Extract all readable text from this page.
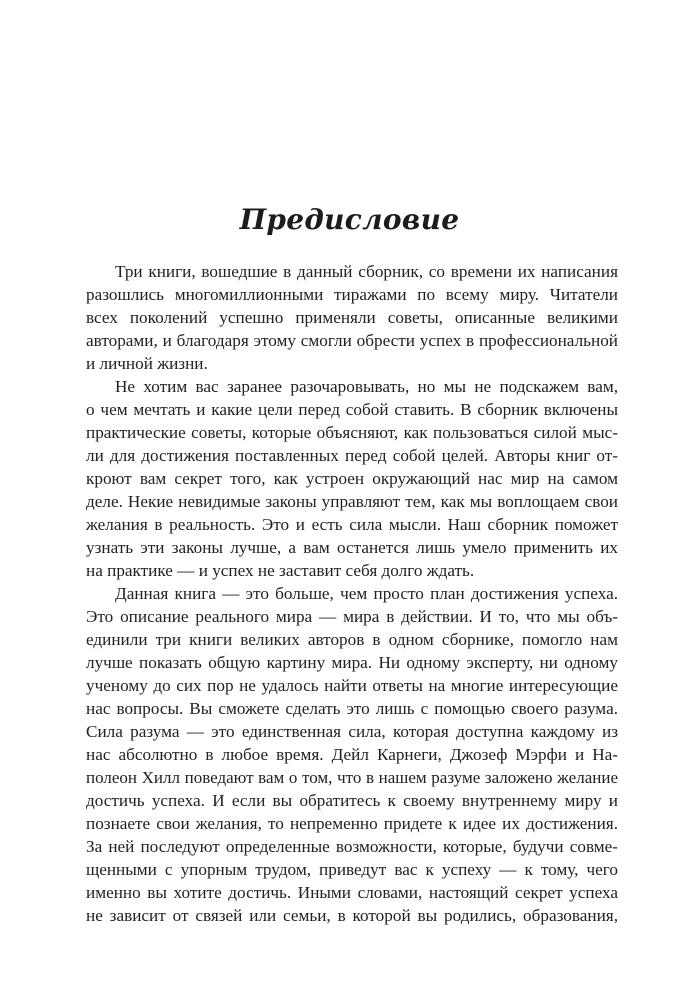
Предисловие
Три книги, вошедшие в данный сборник, со времени их написания
разошлись многомиллионными тиражами по всему миру. Читатели
всех поколений успешно применяли советы, описанные великими
авторами, и благодаря этому смогли обрести успех в профессиональной
и личной жизни.
Не хотим вас заранее разочаровывать, но мы не подскажем вам,
о чем мечтать и какие цели перед собой ставить. В сборник включены
практические советы, которые объясняют, как пользоваться силой мыс-
ли для достижения поставленных перед собой целей. Авторы книг от-
кроют вам секрет того, как устроен окружающий нас мир на самом
деле. Некие невидимые законы управляют тем, как мы воплощаем свои
желания в реальность. Это и есть сила мысли. Наш сборник поможет
узнать эти законы лучше, а вам останется лишь умело применить их
на практике — и успех не заставит себя долго ждать.
Данная книга — это больше, чем просто план достижения успеха.
Это описание реального мира — мира в действии. И то, что мы объ-
единили три книги великих авторов в одном сборнике, помогло нам
лучше показать общую картину мира. Ни одному эксперту, ни одному
ученому до сих пор не удалось найти ответы на многие интересующие
нас вопросы. Вы сможете сделать это лишь с помощью своего разума.
Сила разума — это единственная сила, которая доступна каждому из
нас абсолютно в любое время. Дейл Карнеги, Джозеф Мэрфи и На-
полеон Хилл поведают вам о том, что в нашем разуме заложено желание
достичь успеха. И если вы обратитесь к своему внутреннему миру и
познаете свои желания, то непременно придете к идее их достижения.
За ней последуют определенные возможности, которые, будучи совме-
щенными с упорным трудом, приведут вас к успеху — к тому, чего
именно вы хотите достичь. Иными словами, настоящий секрет успеха
не зависит от связей или семьи, в которой вы родились, образования,
